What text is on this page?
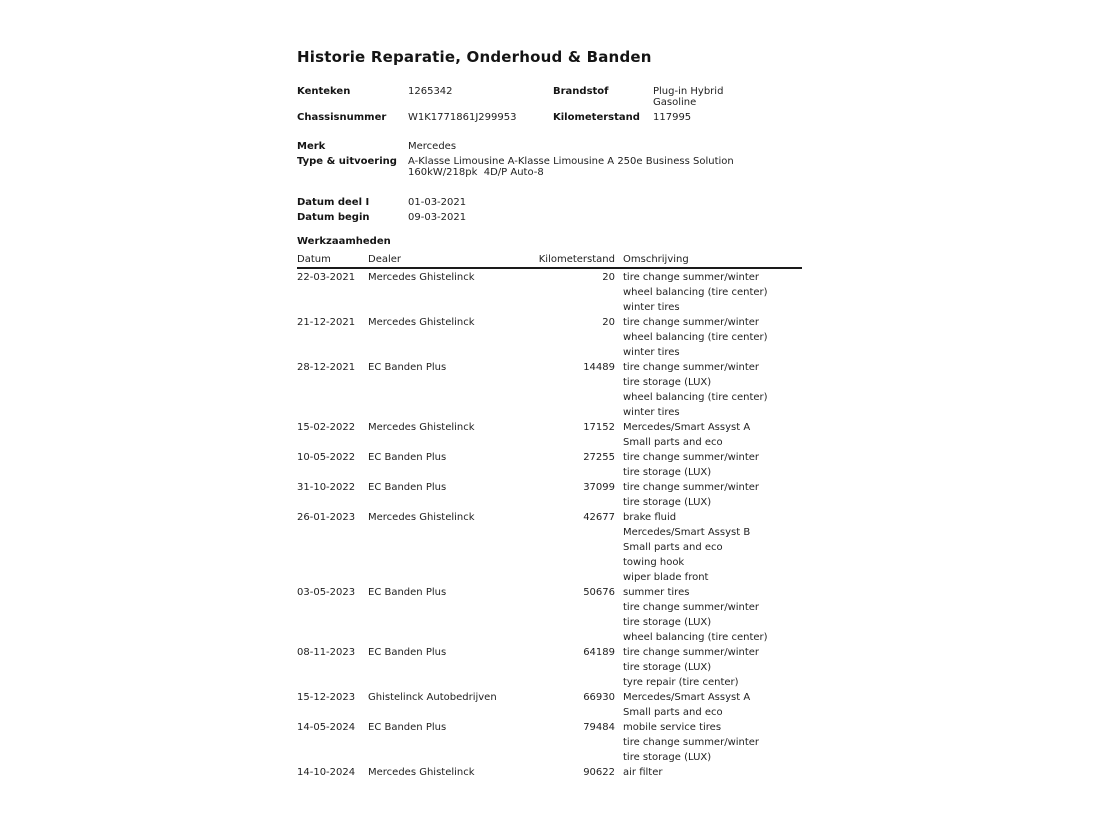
Historie Reparatie, Onderhoud & Banden
Kenteken	1265342
Chassisnummer W1K1771861J299953
Merk	Mercedes
Type & uitvoering A-Klasse Limousine A-Klasse Limousine A 250e Business Solution
160kW/218pk  4D/P Auto-8
Datum deel I	01-03-2021
Datum begin	09-03-2021
Brandstof	Plug-in Hybrid
Gasoline
Kilometerstand 117995
Werkzaamheden
Datum	Dealer	Kilometerstand Omschrijving
22-03-2021	Mercedes Ghistelinck	20 tire change summer/winter
wheel balancing (tire center)
winter tires
21-12-2021	Mercedes Ghistelinck	20 tire change summer/winter
wheel balancing (tire center)
winter tires
28-12-2021	EC Banden Plus	14489 tire change summer/winter
tire storage (LUX)
wheel balancing (tire center)
winter tires
15-02-2022	Mercedes Ghistelinck	17152 Mercedes/Smart Assyst A
Small parts and eco
10-05-2022	EC Banden Plus	27255 tire change summer/winter
tire storage (LUX)
31-10-2022	EC Banden Plus	37099 tire change summer/winter
tire storage (LUX)
26-01-2023	Mercedes Ghistelinck	42677 brake fluid
Mercedes/Smart Assyst B
Small parts and eco
towing hook
wiper blade front
03-05-2023	EC Banden Plus	50676 summer tires
tire change summer/winter
tire storage (LUX)
wheel balancing (tire center)
08-11-2023	EC Banden Plus	64189 tire change summer/winter
tire storage (LUX)
tyre repair (tire center)
15-12-2023	Ghistelinck Autobedrijven	66930 Mercedes/Smart Assyst A
Small parts and eco
14-05-2024	EC Banden Plus	79484 mobile service tires
tire change summer/winter
tire storage (LUX)
14-10-2024	Mercedes Ghistelinck	90622 air filter
